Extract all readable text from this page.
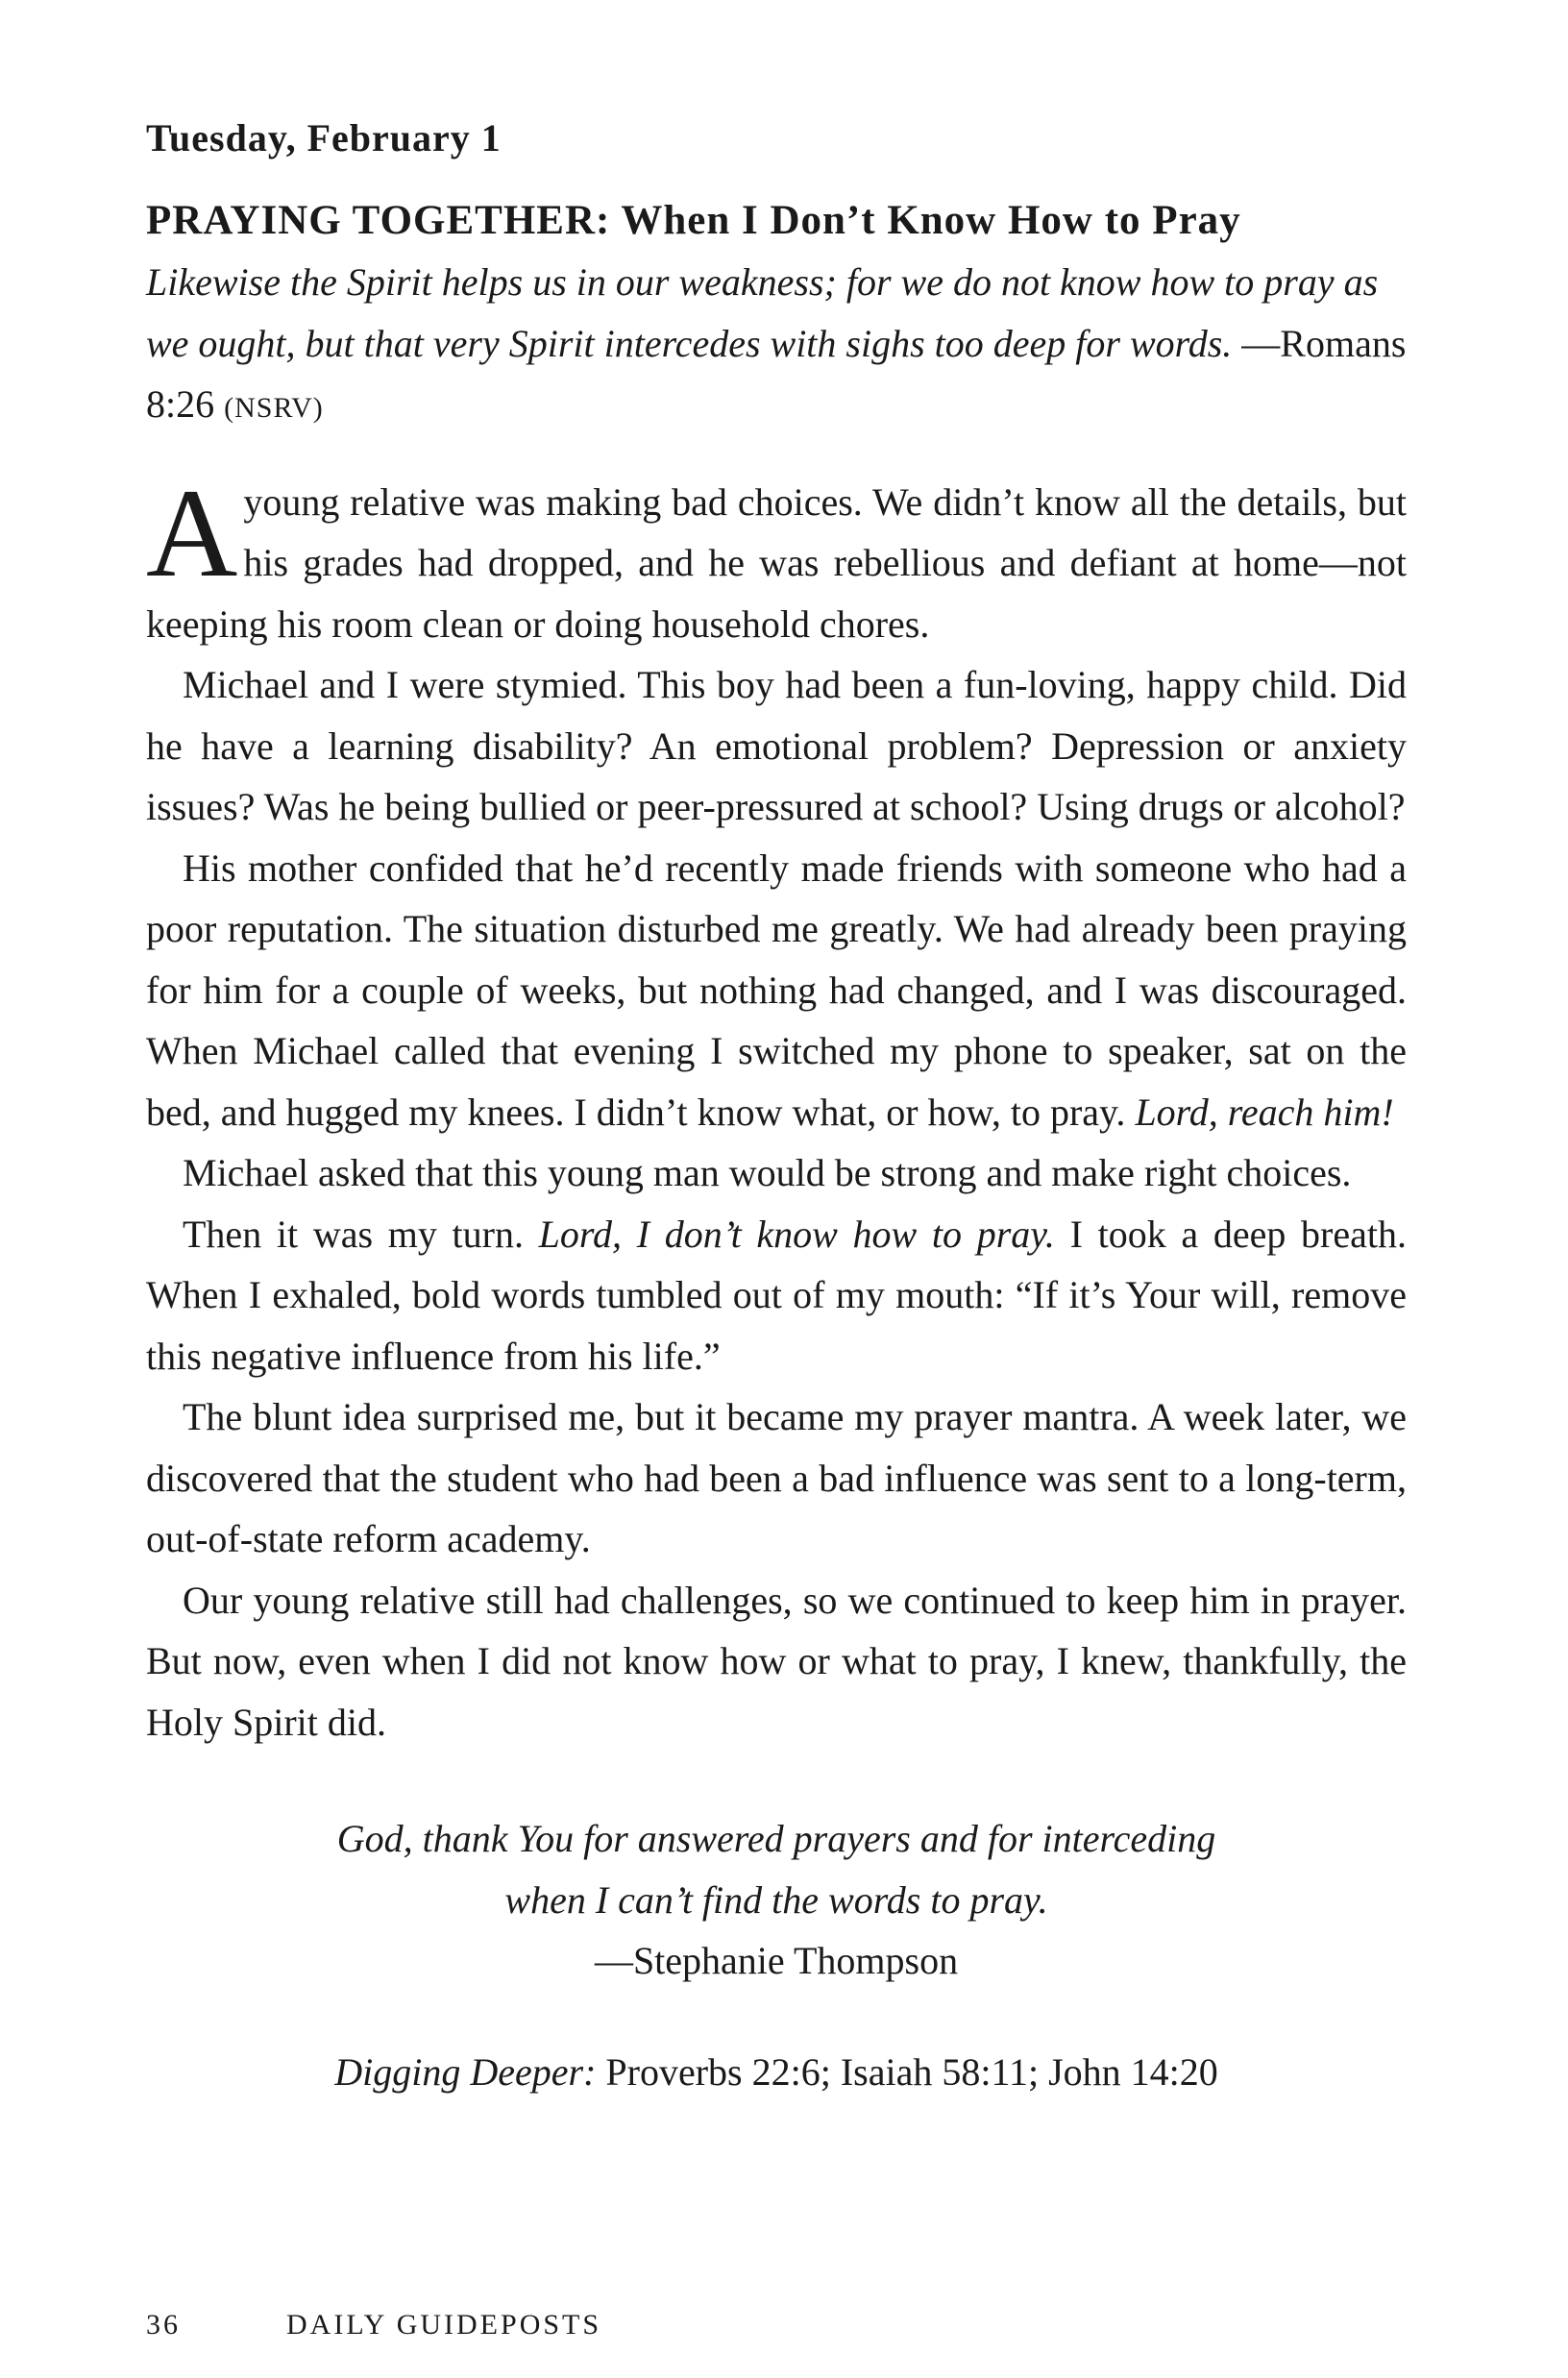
Tuesday, February 1
PRAYING TOGETHER: When I Don’t Know How to Pray

Likewise the Spirit helps us in our weakness; for we do not know how to pray as we ought, but that very Spirit intercedes with sighs too deep for words. —Romans 8:26 (NSRV)

Ayoung relative was making bad choices. We didn’t know all the details, but his grades had dropped, and he was rebellious and defiant at home—not keeping his room clean or doing household chores.

Michael and I were stymied. This boy had been a fun-loving, happy child. Did he have a learning disability? An emotional problem? Depression or anxiety issues? Was he being bullied or peer-pressured at school? Using drugs or alcohol?

His mother confided that he’d recently made friends with someone who had a poor reputation. The situation disturbed me greatly. We had already been praying for him for a couple of weeks, but nothing had changed, and I was discouraged. When Michael called that evening I switched my phone to speaker, sat on the bed, and hugged my knees. I didn’t know what, or how, to pray. Lord, reach him!

Michael asked that this young man would be strong and make right choices.

Then it was my turn. Lord, I don’t know how to pray. I took a deep breath. When I exhaled, bold words tumbled out of my mouth: “If it’s Your will, remove this negative influence from his life.”

The blunt idea surprised me, but it became my prayer mantra. A week later, we discovered that the student who had been a bad influence was sent to a long-term, out-of-state reform academy.

Our young relative still had challenges, so we continued to keep him in prayer. But now, even when I did not know how or what to pray, I knew, thankfully, the Holy Spirit did.

God, thank You for answered prayers and for interceding
when I can’t find the words to pray.
—Stephanie Thompson
Digging Deeper: Proverbs 22:6; Isaiah 58:11; John 14:20
36	DAILY GUIDEPOSTS
